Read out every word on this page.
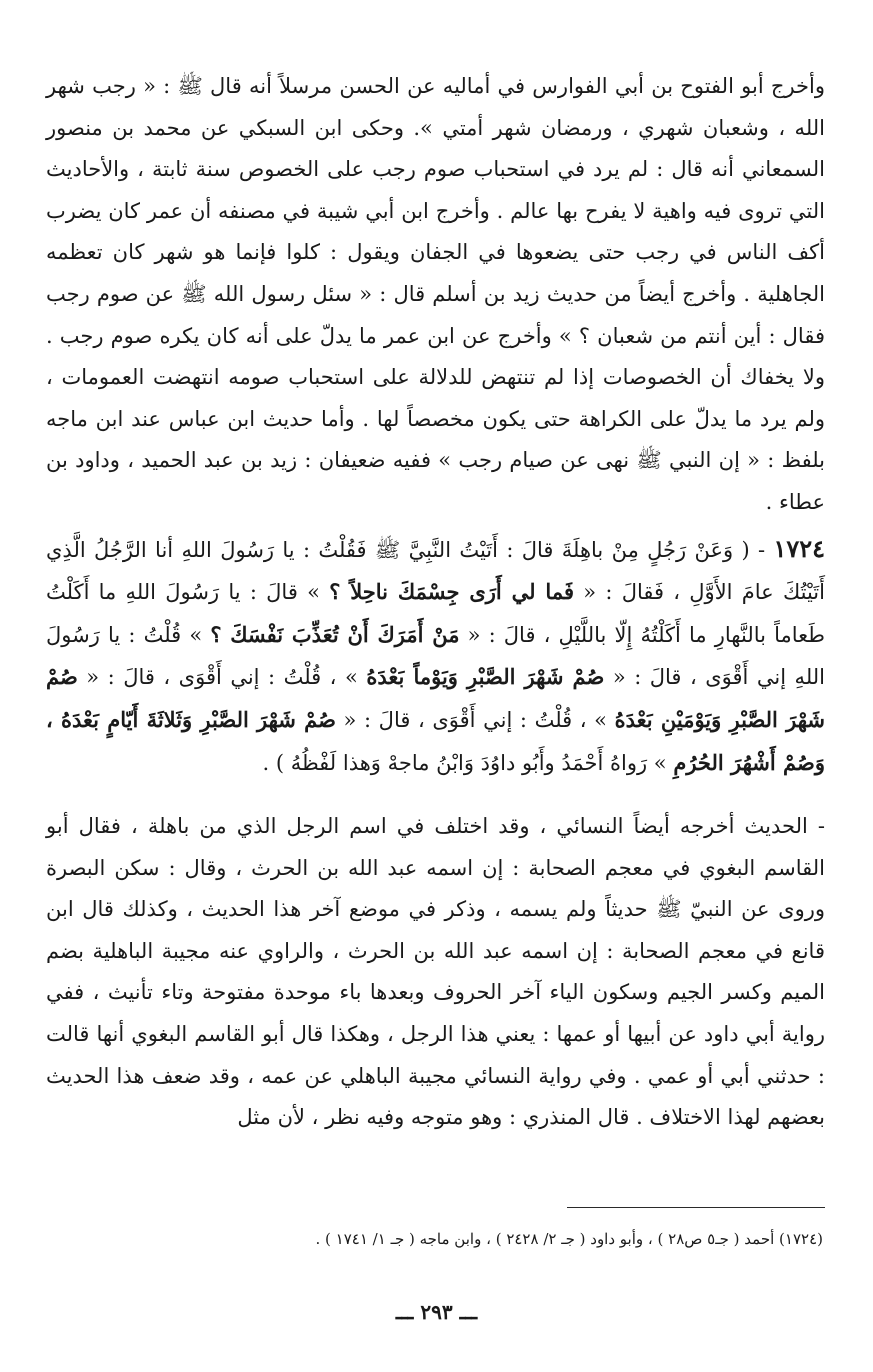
وأخرج أبو الفتوح بن أبي الفوارس في أماليه عن الحسن مرسلاً أنه قال ﷺ : « رجب شهر الله ، وشعبان شهري ، ورمضان شهر أمتي ». وحكى ابن السبكي عن محمد بن منصور السمعاني أنه قال : لم يرد في استحباب صوم رجب على الخصوص سنة ثابتة ، والأحاديث التي تروى فيه واهية لا يفرح بها عالم . وأخرج ابن أبي شيبة في مصنفه أن عمر كان يضرب أكف الناس في رجب حتى يضعوها في الجفان ويقول : كلوا فإنما هو شهر كان تعظمه الجاهلية . وأخرج أيضاً من حديث زيد بن أسلم قال : « سئل رسول الله ﷺ عن صوم رجب فقال : أين أنتم من شعبان ؟ » وأخرج عن ابن عمر ما يدلّ على أنه كان يكره صوم رجب . ولا يخفاك أن الخصوصات إذا لم تنتهض للدلالة على استحباب صومه انتهضت العمومات ، ولم يرد ما يدلّ على الكراهة حتى يكون مخصصاً لها . وأما حديث ابن عباس عند ابن ماجه بلفظ : « إن النبي ﷺ نهى عن صيام رجب » ففيه ضعيفان : زيد بن عبد الحميد ، وداود بن عطاء .

١٧٢٤ - ( وَعَنْ رَجُلٍ مِنْ باهِلَةَ قالَ : أَتَيْتُ النَّبِيَّ ﷺ فَقُلْتُ : يا رَسُولَ اللهِ أنا الرَّجُلُ الَّذِي أَتَيْتُكَ عامَ الأَوَّلِ ، فَقالَ : « فَما لي أَرَى جِسْمَكَ ناحِلاً ؟ » قالَ : يا رَسُولَ اللهِ ما أَكَلْتُ طَعاماً بالنَّهارِ ما أَكَلْتُهُ إِلّا باللَّيْلِ ، قالَ : « مَنْ أَمَرَكَ أَنْ تُعَذِّبَ نَفْسَكَ ؟ » قُلْتُ : يا رَسُولَ اللهِ إني أَقْوَى ، قالَ : « صُمْ شَهْرَ الصَّبْرِ وَيَوْماً بَعْدَهُ » ، قُلْتُ : إني أَقْوَى ، قالَ : « صُمْ شَهْرَ الصَّبْرِ وَيَوْمَيْنِ بَعْدَهُ » ، قُلْتُ : إني أَقْوَى ، قالَ : « صُمْ شَهْرَ الصَّبْرِ وَثَلاثَةَ أَيّامٍ بَعْدَهُ ، وَصُمْ أَشْهُرَ الحُرُمِ » رَواهُ أَحْمَدُ وأَبُو داوُدَ وَابْنُ ماجهْ وَهذا لَفْظُهُ ) .

- الحديث أخرجه أيضاً النسائي ، وقد اختلف في اسم الرجل الذي من باهلة ، فقال أبو القاسم البغوي في معجم الصحابة : إن اسمه عبد الله بن الحرث ، وقال : سكن البصرة وروى عن النبيّ ﷺ حديثاً ولم يسمه ، وذكر في موضع آخر هذا الحديث ، وكذلك قال ابن قانع في معجم الصحابة : إن اسمه عبد الله بن الحرث ، والراوي عنه مجيبة الباهلية بضم الميم وكسر الجيم وسكون الياء آخر الحروف وبعدها باء موحدة مفتوحة وتاء تأنيث ، ففي رواية أبي داود عن أبيها أو عمها : يعني هذا الرجل ، وهكذا قال أبو القاسم البغوي أنها قالت : حدثني أبي أو عمي . وفي رواية النسائي مجيبة الباهلي عن عمه ، وقد ضعف هذا الحديث بعضهم لهذا الاختلاف . قال المنذري : وهو متوجه وفيه نظر ، لأن مثل

(١٧٢٤) أحمد ( جـ٥ ص٢٨ ) ، وأبو داود ( جـ ٢/ ٢٤٢٨ ) ، وابن ماجه ( جـ ١/ ١٧٤١ ) .
ـــ ٢٩٣ ـــ
